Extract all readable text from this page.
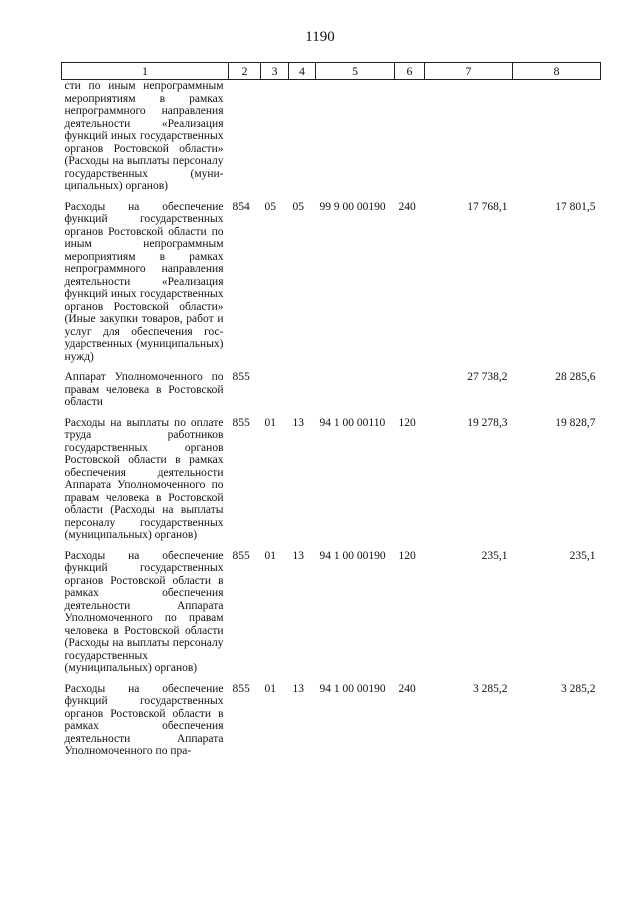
1190
1	2	3	4	5	6	7	8
сти по иным непрограммным мероприятиям в рамках непрограммного направления деятельности «Реализация функций иных государственных органов Ростовской области» (Расходы на выплаты персоналу государственных (муниципальных) органов)							

Расходы на обеспечение функций государственных органов Ростовской области по иным непрограммным мероприятиям в рамках непрограммного направления деятельности «Реализация функций иных государственных органов Ростовской области» (Иные закупки товаров, работ и услуг для обеспечения государственных (муниципальных) нужд)	854	05	05	99 9 00 00190	240	17 768,1	17 801,5

Аппарат Уполномоченного по правам человека в Ростовской области	855					27 738,2	28 285,6

Расходы на выплаты по оплате труда работников государственных органов Ростовской области в рамках обеспечения деятельности Аппарата Уполномоченного по правам человека в Ростовской области (Расходы на выплаты персоналу государственных (муниципальных) органов)	855	01	13	94 1 00 00110	120	19 278,3	19 828,7

Расходы на обеспечение функций государственных органов Ростовской области в рамках обеспечения деятельности Аппарата Уполномоченного по правам человека в Ростовской области (Расходы на выплаты персоналу государственных (муниципальных) органов)	855	01	13	94 1 00 00190	120	235,1	235,1

Расходы на обеспечение функций государственных органов Ростовской области в рамках обеспечения деятельности Аппарата Уполномоченного по пра-	855	01	13	94 1 00 00190	240	3 285,2	3 285,2
